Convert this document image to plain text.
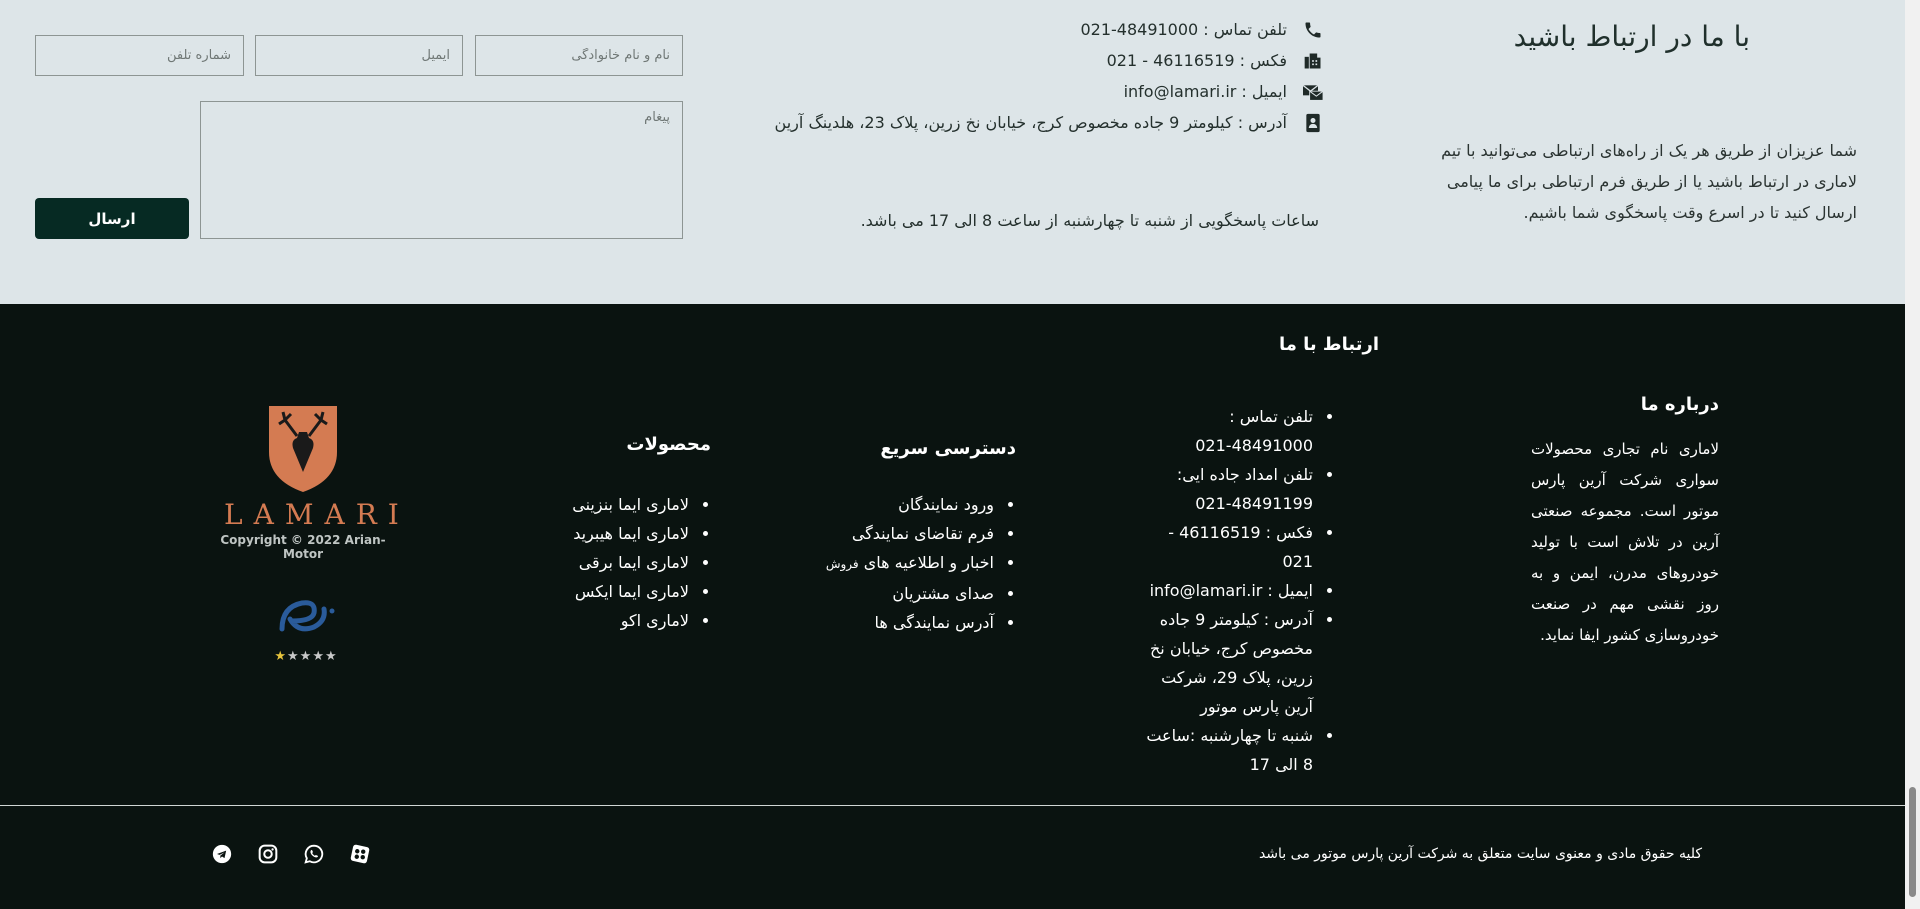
با ما در ارتباط باشید

شما عزیزان از طریق هر یک از راه‌های ارتباطی می‌توانید با تیم لاماری در ارتباط باشید یا از طریق فرم ارتباطی برای ما پیامی ارسال کنید تا در اسرع وقت پاسخگوی شما باشیم.

تلفن تماس : 48491000-021
فکس : 46116519 - 021
ایمیل : info@lamari.ir
آدرس : کیلومتر 9 جاده مخصوص کرج، خیابان نخ زرین، پلاک 23، هلدینگ آرین

ساعات پاسخگویی از شنبه تا چهارشنبه از ساعت 8 الی 17 می باشد.

نام و نام خانوادگی
ایمیل
شماره تلفن
پیغام
ارسال
ارتباط با ما
درباره ما

لاماری نام تجاری محصولات سواری شرکت آرین پارس موتور است. مجموعه صنعتی آرین در تلاش است با تولید خودروهای مدرن، ایمن و به روز نقشی مهم در صنعت خودروسازی کشور ایفا نماید.

• تلفن تماس : 48491000-021
• تلفن امداد جاده ایی: 48491199-021
• فکس : 46116519 - 021
• ایمیل : info@lamari.ir
• آدرس : کیلومتر 9 جاده مخصوص کرج، خیابان نخ زرین، پلاک 29، شرکت آرین پارس موتور
• شنبه تا چهارشنبه :ساعت 8 الی 17
دسترسی سریع
• ورود نمایندگان
• فرم تقاضای نمایندگی
• اخبار و اطلاعیه های فروش
• صدای مشتریان
• آدرس نمایندگی ها
محصولات
• لاماری ایما بنزینی
• لاماری ایما هیبرید
• لاماری ایما برقی
• لاماری ایما ایکس
• لاماری اکو
LAMARI
Copyright © 2022 Arian-Motor
★★★★★

کلیه حقوق مادی و معنوی سایت متعلق به شرکت آرین پارس موتور می باشد
